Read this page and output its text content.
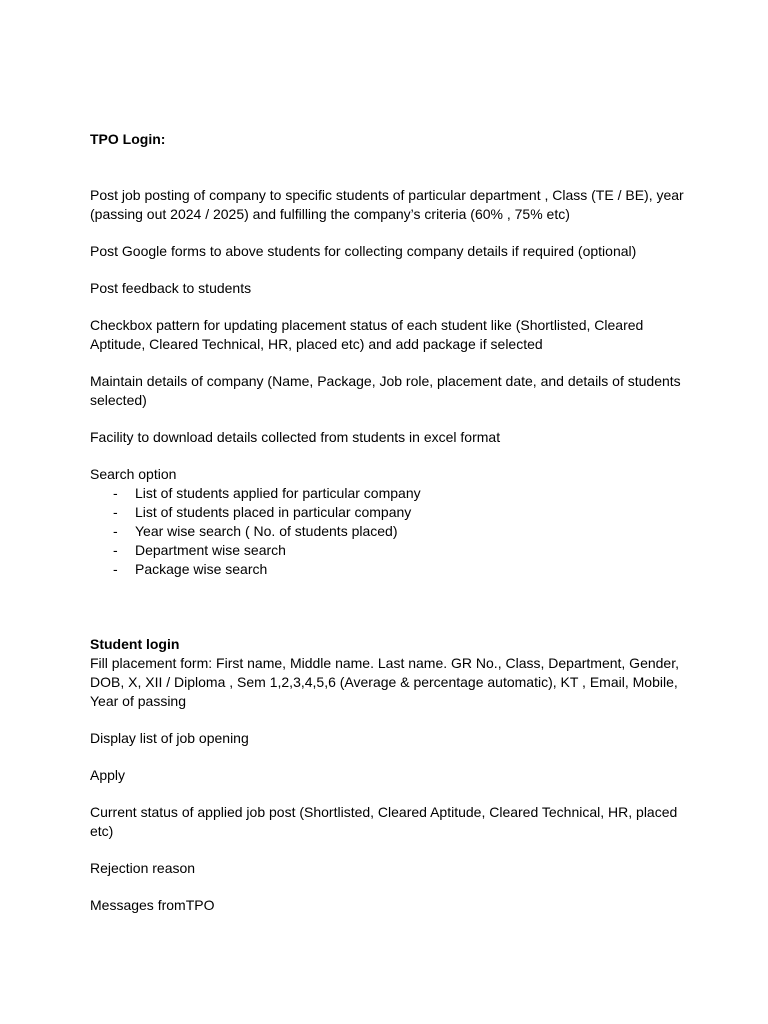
TPO Login:

Post job posting of company to specific students of particular department , Class (TE / BE), year (passing out 2024 / 2025) and fulfilling the company’s criteria (60% , 75% etc)

Post Google forms to above students for collecting company details if required (optional)

Post feedback to students

Checkbox pattern for updating placement status of each student like (Shortlisted, Cleared Aptitude, Cleared Technical, HR, placed etc) and add package if selected

Maintain details of company (Name, Package, Job role, placement date, and details of students selected)

Facility to download details collected from students in excel format

Search option

- List of students applied for particular company
- List of students placed in particular company
- Year wise search ( No. of students placed)
- Department wise search
- Package wise search

Student login

Fill placement form: First name, Middle name. Last name. GR No., Class, Department, Gender, DOB, X, XII / Diploma , Sem 1,2,3,4,5,6 (Average & percentage automatic), KT , Email, Mobile, Year of passing

Display list of job opening

Apply

Current status of applied job post (Shortlisted, Cleared Aptitude, Cleared Technical, HR, placed etc)

Rejection reason

Messages fromTPO
